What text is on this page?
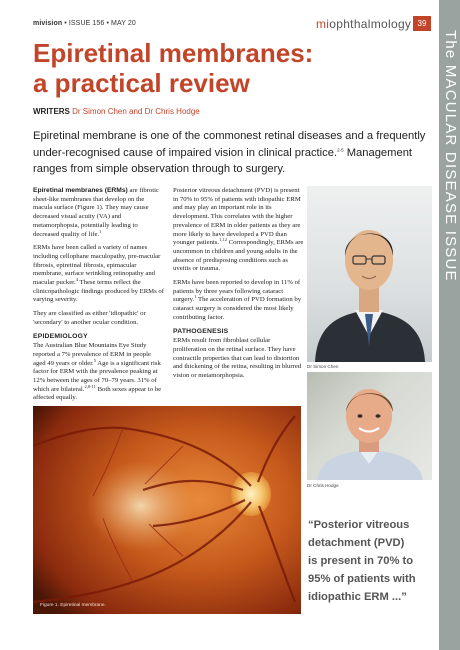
mivision • ISSUE 156 • MAY 20	miophthalmology 39
The MACULAR DISEASE ISSUE
Epiretinal membranes:
a practical review
WRITERS Dr Simon Chen and Dr Chris Hodge
Epiretinal membrane is one of the commonest retinal diseases and a frequently under-recognised cause of impaired vision in clinical practice.$^{2-5}$ Management ranges from simple observation through to surgery.

Epiretinal membranes (ERMs) are fibrotic sheet-like membranes that develop on the macula surface (Figure 1). They may cause decreased visual acuity (VA) and metamorphopsia, potentially leading to decreased quality of life.$^1$

ERMs have been called a variety of names including cellophane maculopathy, pre-macular fibrosis, epiretinal fibrosis, epimacular membrane, surface wrinkling retinopathy and macular pucker.$^4$ These terms reflect the clinicopathologic findings produced by ERMs of varying severity.

They are classified as either 'idiopathic' or 'secondary' to another ocular condition.

EPIDEMIOLOGY

The Australian Blue Mountains Eye Study reported a 7% prevalence of ERM in people aged 49 years or older.$^5$ Age is a significant risk factor for ERM with the prevalence peaking at 12% between the ages of 70–79 years. 31% of which are bilateral.$^{2,8-11}$ Both sexes appear to be affected equally.

Posterior vitreous detachment (PVD) is present in 70% to 95% of patients with idiopathic ERM and may play an important role in its development. This correlates with the higher prevalence of ERM in older patients as they are more likely to have developed a PVD than younger patients.$^{1,12}$ Correspondingly, ERMs are uncommon in children and young adults in the absence of predisposing conditions such as uveitis or trauma.

ERMs have been reported to develop in 11% of patients by three years following cataract surgery.$^1$ The acceleration of PVD formation by cataract surgery is considered the most likely contributing factor.

PATHOGENESIS

ERMs result from fibroblast cellular proliferation on the retinal surface. They have contractile properties that can lead to distortion and thickening of the retina, resulting in blurred vision or metamorphopsia.

Dr Simon Chen
Dr Chris Hodge
Figure 1. Epiretinal membrane.
“Posterior vitreous
detachment (PVD)
is present in 70% to
95% of patients with
idiopathic ERM ...”
